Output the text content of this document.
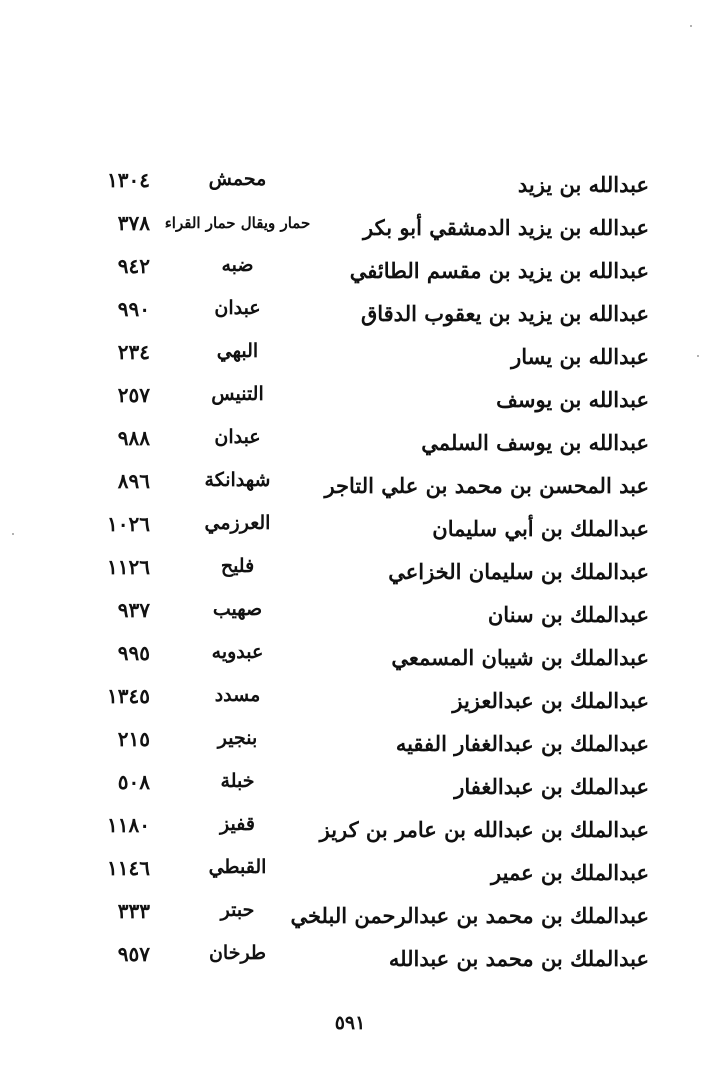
عبدالله بن يزيد
محمش
١٣٠٤
عبدالله بن يزيد الدمشقي أبو بكر
حمار ويقال حمار القراء
٣٧٨
عبدالله بن يزيد بن مقسم الطائفي
ضبه
٩٤٢
عبدالله بن يزيد بن يعقوب الدقاق
عبدان
٩٩٠
عبدالله بن يسار
البهي
٢٣٤
عبدالله بن يوسف
التنيس
٢٥٧
عبدالله بن يوسف السلمي
عبدان
٩٨٨
عبد المحسن بن محمد بن علي التاجر
شهدانكة
٨٩٦
عبدالملك بن أبي سليمان
العرزمي
١٠٢٦
عبدالملك بن سليمان الخزاعي
فليح
١١٢٦
عبدالملك بن سنان
صهيب
٩٣٧
عبدالملك بن شيبان المسمعي
عبدويه
٩٩٥
عبدالملك بن عبدالعزيز
مسدد
١٣٤٥
عبدالملك بن عبدالغفار الفقيه
بنجير
٢١٥
عبدالملك بن عبدالغفار
خبلة
٥٠٨
عبدالملك بن عبدالله بن عامر بن كريز
قفيز
١١٨٠
عبدالملك بن عمير
القبطي
١١٤٦
عبدالملك بن محمد بن عبدالرحمن البلخي
حبتر
٣٣٣
عبدالملك بن محمد بن عبدالله
طرخان
٩٥٧
٥٩١
